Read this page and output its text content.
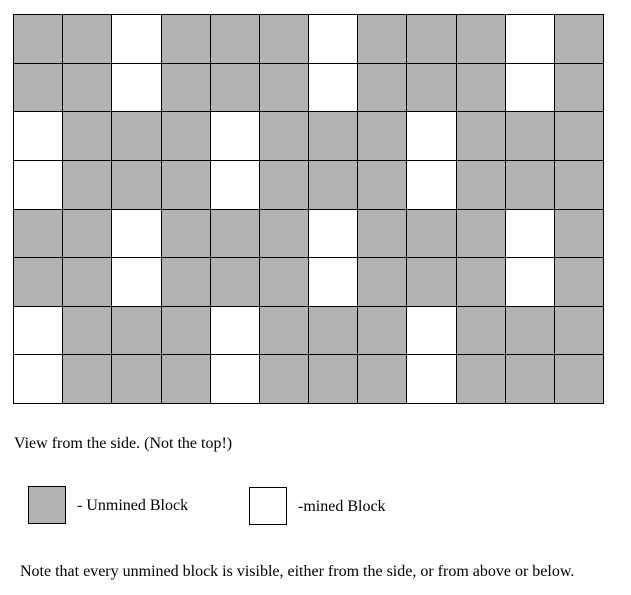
View from the side. (Not the top!)
- Unmined Block	-mined Block
Note that every unmined block is visible, either from the side, or from above or below.
